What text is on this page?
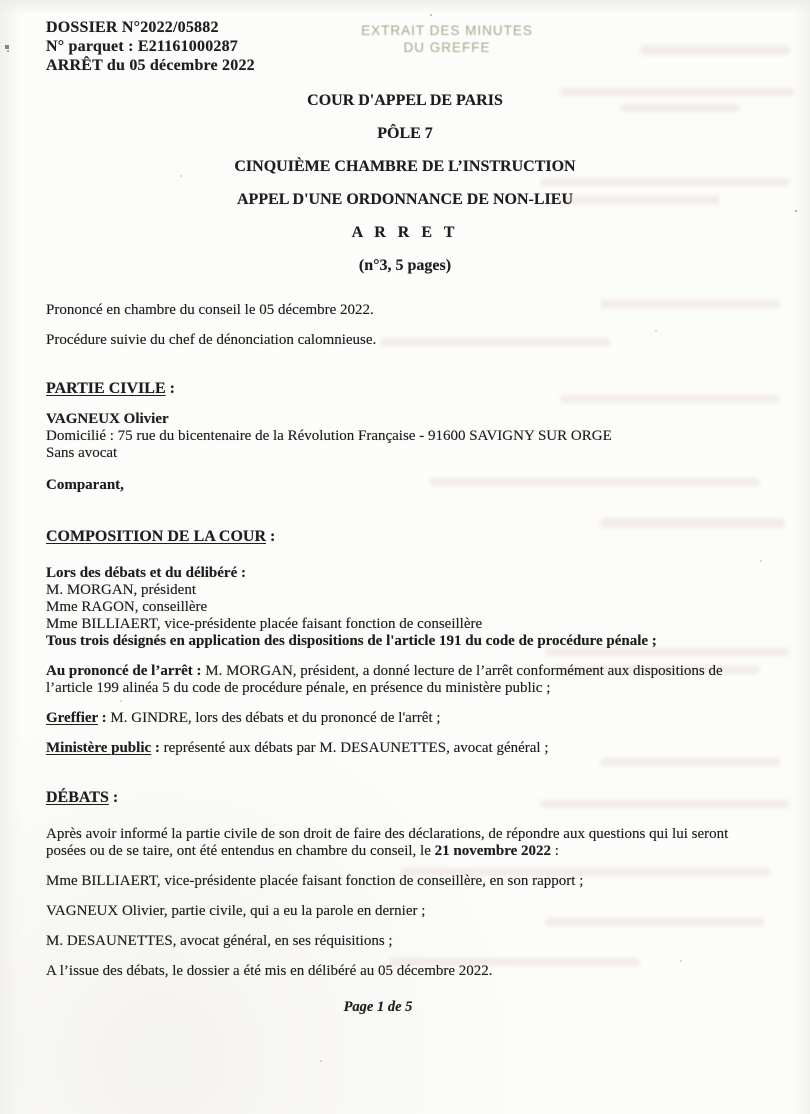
EXTRAIT DES MINUTES
DU GREFFE
DOSSIER N°2022/05882
N° parquet : E21161000287
ARRÊT du 05 décembre 2022
COUR D'APPEL DE PARIS
PÔLE 7
CINQUIÈME CHAMBRE DE L’INSTRUCTION
APPEL D'UNE ORDONNANCE DE NON-LIEU
A R R E T
(n°3, 5 pages)

Prononcé en chambre du conseil le 05 décembre 2022.

Procédure suivie du chef de dénonciation calomnieuse.

PARTIE CIVILE :

VAGNEUX Olivier

Domicilié : 75 rue du bicentenaire de la Révolution Française - 91600 SAVIGNY SUR ORGE

Sans avocat

Comparant,

COMPOSITION DE LA COUR :

Lors des débats et du délibéré :

M. MORGAN, président

Mme RAGON, conseillère

Mme BILLIAERT, vice-présidente placée faisant fonction de conseillère

Tous trois désignés en application des dispositions de l'article 191 du code de procédure pénale ;

Au prononcé de l’arrêt : M. MORGAN, président, a donné lecture de l’arrêt conformément aux dispositions de l’article 199 alinéa 5 du code de procédure pénale, en présence du ministère public ;

Greffier : M. GINDRE, lors des débats et du prononcé de l'arrêt ;

Ministère public : représenté aux débats par M. DESAUNETTES, avocat général ;

DÉBATS :

Après avoir informé la partie civile de son droit de faire des déclarations, de répondre aux questions qui lui seront posées ou de se taire, ont été entendus en chambre du conseil, le 21 novembre 2022 :

Mme BILLIAERT, vice-présidente placée faisant fonction de conseillère, en son rapport ;

VAGNEUX Olivier, partie civile, qui a eu la parole en dernier ;

M. DESAUNETTES, avocat général, en ses réquisitions ;

A l’issue des débats, le dossier a été mis en délibéré au 05 décembre 2022.

Page 1 de 5
